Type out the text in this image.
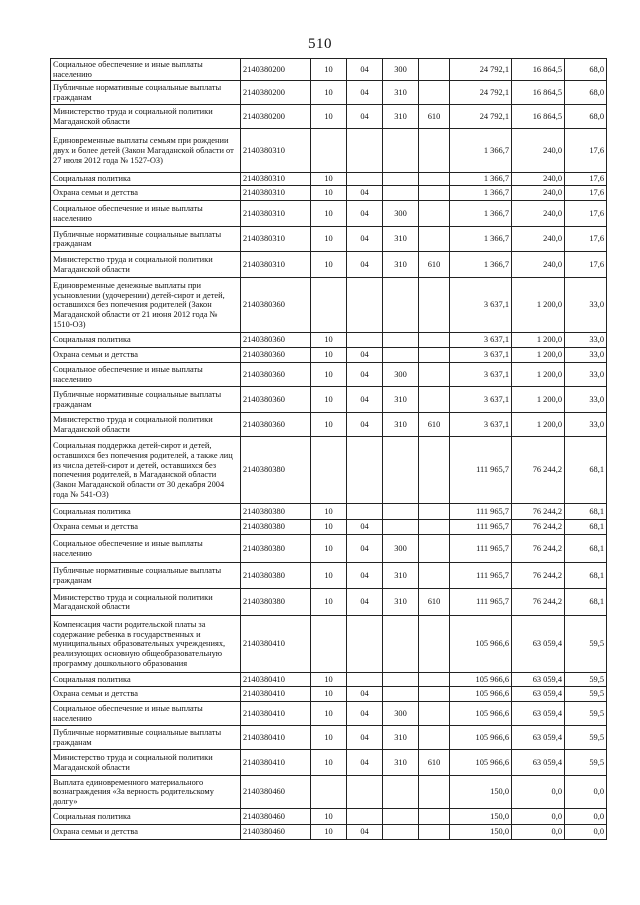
510
Социальное обеспечение и иные выплаты населению	2140380200	10	04	300		24 792,1	16 864,5	68,0
Публичные нормативные социальные выплаты гражданам	2140380200	10	04	310		24 792,1	16 864,5	68,0
Министерство труда и социальной политики Магаданской области	2140380200	10	04	310	610	24 792,1	16 864,5	68,0
Единовременные выплаты семьям при рождении двух и более детей (Закон Магаданской области от 27 июля 2012 года № 1527-ОЗ)	2140380310					1 366,7	240,0	17,6
Социальная политика	2140380310	10				1 366,7	240,0	17,6
Охрана семьи и детства	2140380310	10	04			1 366,7	240,0	17,6
Социальное обеспечение и иные выплаты населению	2140380310	10	04	300		1 366,7	240,0	17,6
Публичные нормативные социальные выплаты гражданам	2140380310	10	04	310		1 366,7	240,0	17,6
Министерство труда и социальной политики Магаданской области	2140380310	10	04	310	610	1 366,7	240,0	17,6
Единовременные денежные выплаты при усыновлении (удочерении) детей-сирот и детей, оставшихся без попечения родителей (Закон Магаданской области от 21 июня 2012 года № 1510-ОЗ)	2140380360					3 637,1	1 200,0	33,0
Социальная политика	2140380360	10				3 637,1	1 200,0	33,0
Охрана семьи и детства	2140380360	10	04			3 637,1	1 200,0	33,0
Социальное обеспечение и иные выплаты населению	2140380360	10	04	300		3 637,1	1 200,0	33,0
Публичные нормативные социальные выплаты гражданам	2140380360	10	04	310		3 637,1	1 200,0	33,0
Министерство труда и социальной политики Магаданской области	2140380360	10	04	310	610	3 637,1	1 200,0	33,0
Социальная поддержка детей-сирот и детей, оставшихся без попечения родителей, а также лиц из числа детей-сирот и детей, оставшихся без попечения родителей, в Магаданской области (Закон Магаданской области от 30 декабря 2004 года № 541-ОЗ)	2140380380					111 965,7	76 244,2	68,1
Социальная политика	2140380380	10				111 965,7	76 244,2	68,1
Охрана семьи и детства	2140380380	10	04			111 965,7	76 244,2	68,1
Социальное обеспечение и иные выплаты населению	2140380380	10	04	300		111 965,7	76 244,2	68,1
Публичные нормативные социальные выплаты гражданам	2140380380	10	04	310		111 965,7	76 244,2	68,1
Министерство труда и социальной политики Магаданской области	2140380380	10	04	310	610	111 965,7	76 244,2	68,1
Компенсация части родительской платы за содержание ребенка в государственных и муниципальных образовательных учреждениях, реализующих основную общеобразовательную программу дошкольного образования	2140380410					105 966,6	63 059,4	59,5
Социальная политика	2140380410	10				105 966,6	63 059,4	59,5
Охрана семьи и детства	2140380410	10	04			105 966,6	63 059,4	59,5
Социальное обеспечение и иные выплаты населению	2140380410	10	04	300		105 966,6	63 059,4	59,5
Публичные нормативные социальные выплаты гражданам	2140380410	10	04	310		105 966,6	63 059,4	59,5
Министерство труда и социальной политики Магаданской области	2140380410	10	04	310	610	105 966,6	63 059,4	59,5
Выплата единовременного материального вознаграждения «За верность родительскому долгу»	2140380460					150,0	0,0	0,0
Социальная политика	2140380460	10				150,0	0,0	0,0
Охрана семьи и детства	2140380460	10	04			150,0	0,0	0,0
